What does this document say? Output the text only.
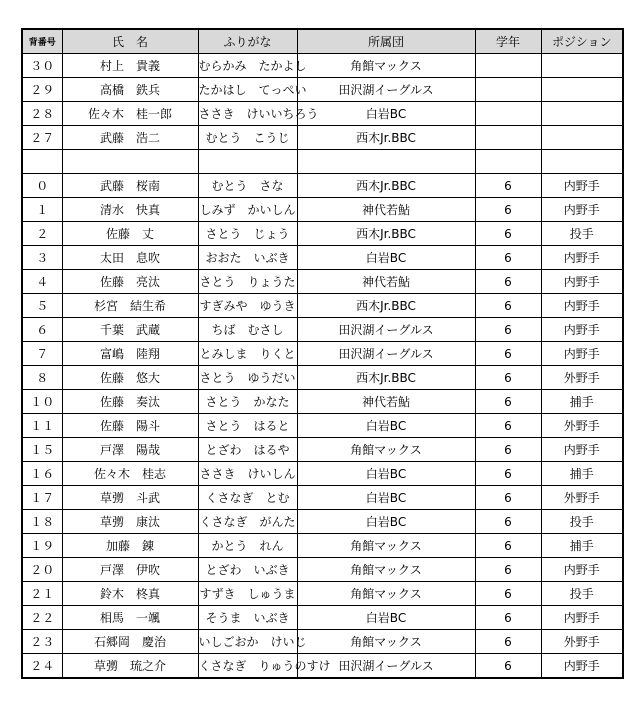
背番号	氏　名	ふりがな	所属団	学年	ポジション
３０	村上　貴義	むらかみ　たかよし	角館マックス		
２９	高橋　鉄兵	たかはし　てっぺい	田沢湖イーグルス		
２８	佐々木　桂一郎	ささき　けいいちろう	白岩BC		
２７	武藤　浩二	むとう　こうじ	西木Jr.BBC		

０	武藤　桜南	むとう　さな	西木Jr.BBC	6	内野手
１	清水　快真	しみず　かいしん	神代若鮎	6	内野手
２	佐藤　丈	さとう　じょう	西木Jr.BBC	6	投手
３	太田　息吹	おおた　いぶき	白岩BC	6	内野手
４	佐藤　亮汰	さとう　りょうた	神代若鮎	6	内野手
５	杉宮　結生希	すぎみや　ゆうき	西木Jr.BBC	6	内野手
６	千葉　武蔵	ちば　むさし	田沢湖イーグルス	6	内野手
７	富嶋　陸翔	とみしま　りくと	田沢湖イーグルス	6	内野手
８	佐藤　悠大	さとう　ゆうだい	西木Jr.BBC	6	外野手
１０	佐藤　奏汰	さとう　かなた	神代若鮎	6	捕手
１１	佐藤　陽斗	さとう　はると	白岩BC	6	外野手
１５	戸澤　陽哉	とざわ　はるや	角館マックス	6	内野手
１６	佐々木　桂志	ささき　けいしん	白岩BC	6	捕手
１７	草彅　斗武	くさなぎ　とむ	白岩BC	6	外野手
１８	草彅　康汰	くさなぎ　がんた	白岩BC	6	投手
１９	加藤　錬	かとう　れん	角館マックス	6	捕手
２０	戸澤　伊吹	とざわ　いぶき	角館マックス	6	内野手
２１	鈴木　柊真	すずき　しゅうま	角館マックス	6	投手
２２	相馬　一颯	そうま　いぶき	白岩BC	6	内野手
２３	石郷岡　慶治	いしごおか　けいじ	角館マックス	6	外野手
２４	草彅　琉之介	くさなぎ　りゅうのすけ	田沢湖イーグルス	6	内野手
